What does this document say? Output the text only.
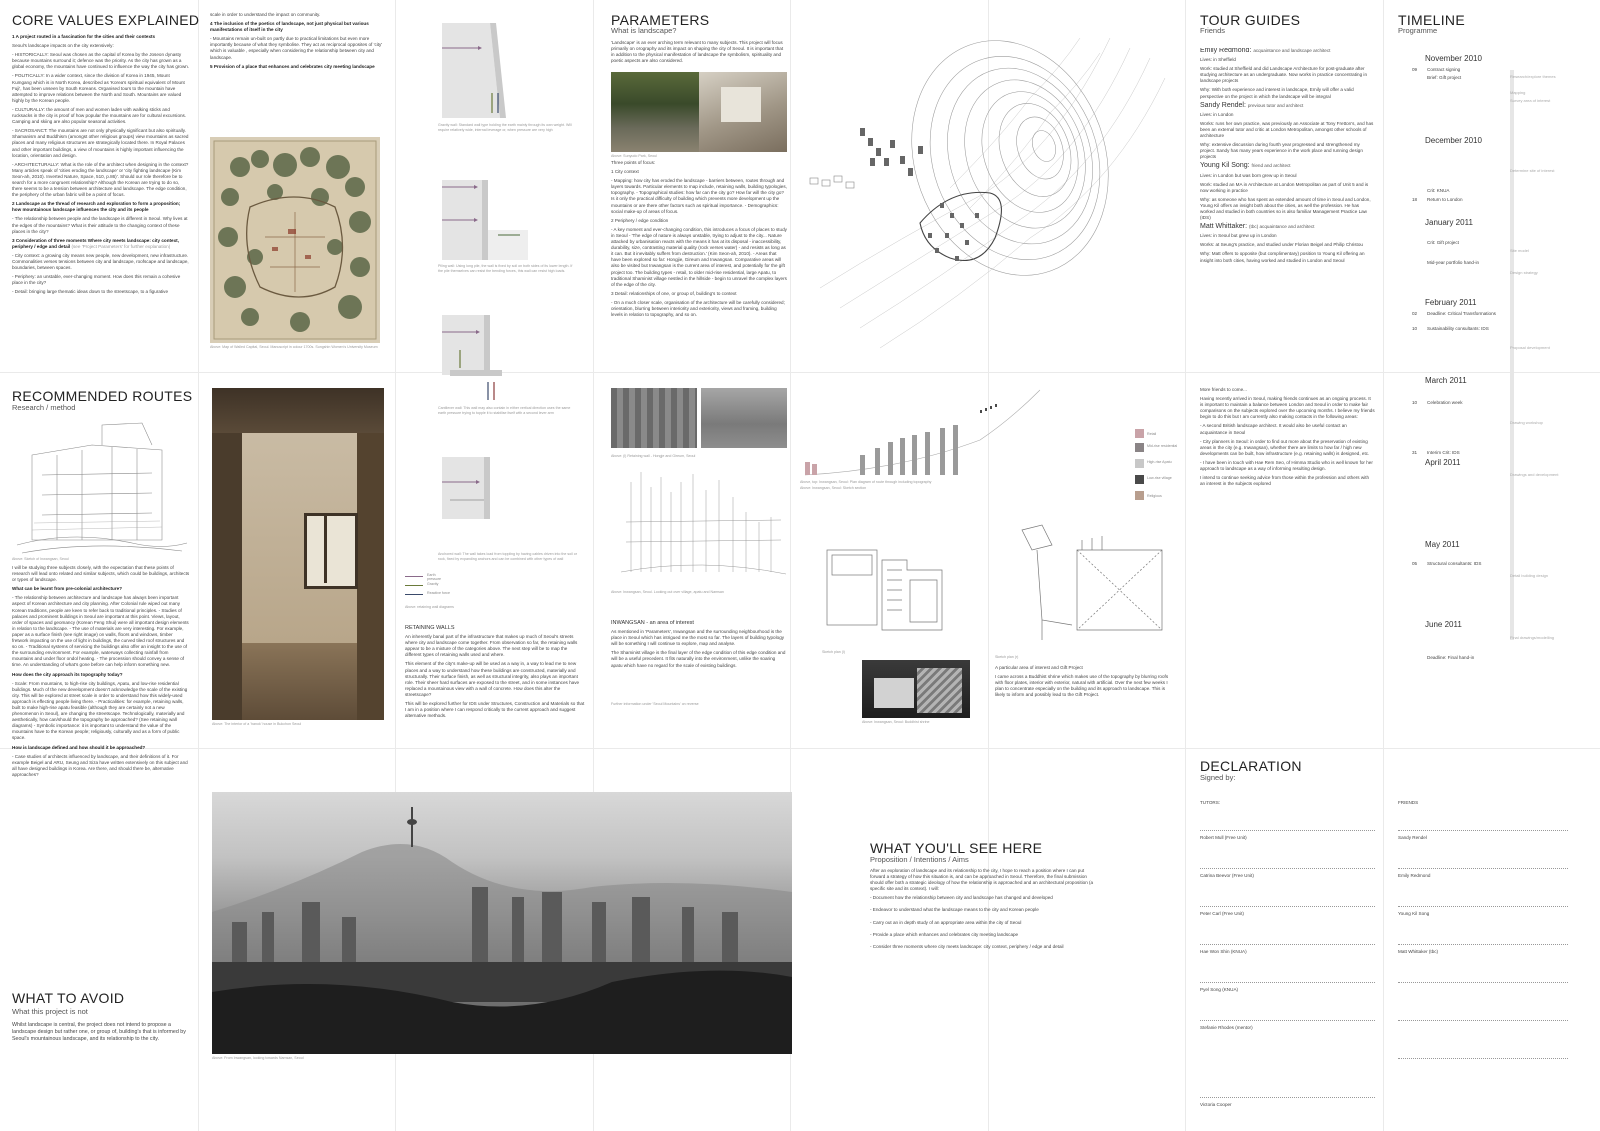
CORE VALUES EXPLAINED

1 A project routed in a fascination for the cities and their contexts

Seoul's landscape impacts on the city extensively:

- HISTORICALLY: Seoul was chosen as the capital of Korea by the Joseon dynasty because mountains surround it; defence was the priority. As the city has grown as a global economy, the mountains have continued to influence the way the city has grown.

- POLITICALLY: In a wider context, since the division of Korea in 1945, Mount Kumgang which is in North Korea, described as 'Korea's spiritual equivalent of Mount Fuji', has been unseen by South Koreans. Organised tours to the mountain have attempted to improve relations between the North and South. Mountains are valued highly by the Korean people.

- CULTURALLY: the amount of men and women laden with walking sticks and rucksacks in the city is proof of how popular the mountains are for cultural excursions. Camping and skiing are also popular seasonal activities.

- SACROSANCT: The mountains are not only physically significant but also spiritually. Shamanism and Buddhism (amongst other religious groups) view mountains as sacred places and many religious structures are strategically located there. In Royal Palaces and other important buildings, a view of mountains is highly important influencing the location, orientation and design.

- ARCHITECTURALLY: What is the role of the architect when designing in the context? Many articles speak of 'cities eroding the landscape' or 'city fighting landscape (Kim Seon-ah, 2010). Inverted Nature, Space, 510, p.86)'. Should our role therefore be to search for a more congruent relationship? Although the Korean are trying to do so, there seems to be a tension between architecture and landscape. The edge condition, the periphery of the urban fabric will be a point of focus.

2 Landscape as the thread of research and exploration to form a proposition; how mountainous landscape influences the city and its people

- The relationship between people and the landscape is different in Seoul. Why lives at the edges of the mountains? What is their attitude to the changing context of these places in the city?

3 Consideration of three moments Where city meets landscape: city context, periphery / edge and detail (see 'Project Parameters' for further explanation)

- City context: a growing city means new people, new development, new infrastructure. Commonalities verses tensions between city and landscape, roofscape and landscape, boundaries, between spaces.

- Periphery: an unstable, ever-changing moment. How does this remain a cohesive place in the city?

- Detail: bringing large thematic ideas down to the streetscape, to a figurative

scale in order to understand the impact on community.

4 The inclusion of the poetics of landscape, not just physical but various manifestations of itself in the city

- Mountains remain un-built on partly due to practical limitations but even more importantly because of what they symbolise. They act as reciprocal opposites of 'city' which is valuable , especially when considering the relationship between city and landscape.

5 Provision of a place that enhances and celebrates city meeting landscape

Above: Map of Walled Capital, Seoul. Manuscript in colour 1700s. Sungshin Women's University Museum
Gravity wall: Standard wall type holding the earth mainly through its own weight. Will require relatively wide, internal leverage or, when pressure are very high
Piling wall: Using long pile, the wall is fixed by soil on both sides of its lower length. If the pile themselves can resist the bending forces, this wall can resist high loads.
Cantilever wall: This wall may also contain in either vertical direction uses the same earth pressure trying to topple it to stabilise itself with a second lever arm
Anchored wall: The wall takes load from toppling by having cables driven into the soil or rock, fixed by expanding anchors and can be combined with other types of wall
Earth pressure
Gravity
Reactive force
Above: retaining wall diagrams
PARAMETERS
What is landscape?
'Landscape' is an ever arching term relevant to many subjects. This project will focus primarily on orography and its impact on shaping the city of Seoul. It is important that in addition to the physical manifestation of landscape the symbolism, spirituality and poetic aspects are also considered.
Above: Sunyudo Park, Seoul

Three points of focus:

1 City context

- Mapping: how city has eroded the landscape - barriers between, routes through and layers towards. Particular elements to map include, retaining walls, building typologies, topography. - Topographical studies: how far can the city go? How far will the city go? Is it only the practical difficulty of building which prevents more development up the mountains or are there other factors such as spiritual importance. - Demographics: social make-up of areas of focus.

2 Periphery / edge condition

- A key moment and ever-changing condition, this introduces a focus of places to study in Seoul - 'The edge of nature is always unstable, trying to adjust to the city... Nature attacked by urbanisation reacts with the means it has at its disposal - inaccessibility, durability, size, contrasting material quality (rock verses water) - and resists as long as it can. But it inevitably suffers from destruction.' (Kim Seon-ah, 2010). - Areas that have been explored so far: Hongjie, Gireum and Inwangsan. Comparative areas will also be visited but Inwangsan is the current area of interest, and potentially for the gift project too. The building types - retail, to older mid-rise residential, large Apatu, to traditional Shaminist village nestled in the hillside - begin to unravel the complex layers of the edge of the city.

3 Detail: relationships of one, or group of, building's to context

- On a much closer scale, organisation of the architecture will be carefully considered; orientation, blurring between interiority and exteriority, views and framing, building levels in relation to topography, and so on.

TOUR GUIDES
Friends

Emily Redmond: acquaintance and landscape architect

Lives: in Sheffield

Work: studied at Sheffield and did Landscape Architecture for post-graduate after studying architecture as an undergraduate. Now works in practice concentrating in landscape projects

Why: With both experience and interest in landscape, Emily will offer a valid perspective on the project in which the landscape will be integral

Sandy Rendel: previous tutor and architect

Lives: in London

Works: runs her own practice, was previously an Associate at Tony Fretton's, and has been an external tutor and critic at London Metropolitan, amongst other schools of architecture

Why: extensive discussion during fourth year progressed and strengthened my project. Sandy has many years experience in the work place and running design projects

Young Kil Song: friend and architect

Lives: in London but was born grew up in Seoul

Work: studied an MA in Architecture at London Metropolitan as part of Unit 5 and is now working in practice

Why: as someone who has spent an extended amount of time in Seoul and London, Young Kil offers an insight both about the cities, as well the profession. He has worked and studied in both countries so is also familiar Management Practice Law (IDS)

Matt Whittaker: (tbc) acquaintance and architect

Lives: in Seoul but grew up in London

Works: at Seung's practice, and studied under Florian Beigel and Philip Christou

Why: Matt offers to opposite (but complimentary) position to Young Kil offering an insight into both cities, having worked and studied in London and Seoul

More friends to come...

Having recently arrived in Seoul, making friends continues as an ongoing process. It is important to maintain a balance between London and Seoul in order to make fair comparisons on the subjects explored over the upcoming months. I believe my friends begin to do this but I am currently also making contacts in the following areas:

- A second British landscape architect. It would also be useful contact an acquaintance in Seoul

- City planners in Seoul: in order to find out more about the preservation of existing areas in the city (e.g. Inwangsan), whether there are limits to how far / high new developments can be built, how infrastructure (e.g. retaining walls) is designed, etc.

- I have been in touch with Hae Rem Seo, of Himma Studio who is well known for her approach to landscape as a way of informing resulting design.

I intend to continue seeking advice from those within the profession and others with an interest in the subjects explored

TIMELINE
Programme
November 2010
09 Contract signing
Brief: Gift project	Research/explore themes
Mapping
Survey area of interest
December 2010
Determine site of interest
Crit: KNUA
18 Return to London
January 2011
Crit: Gift project
Site model
Mid-year portfolio hand-in
Design strategy
February 2011
02 Deadline: Critical Transformations
10 Sustainability consultants: IDS
Proposal development
March 2011
10 Celebration week
Drawing workshop
31 Interim Crit: IDS
April 2011
Drawings and development
May 2011
05 Structural consultants: IDS
Detail building design
June 2011
Final drawings/modelling
Deadline: Final hand-in
RECOMMENDED ROUTES
Research / method
Above: Sketch of Inwangsan, Seoul

I will be studying three subjects closely, with the expectation that these points of research will lead onto related and similar subjects, which could be buildings, architects or types of landscape.

What can be learnt from pre-colonial architecture?

- The relationship between architecture and landscape has always been important aspect of Korean architecture and city planning. After Colonial rule wiped out many Korean traditions, people are keen to refer back to traditional principles. - Studies of palaces and prominent buildings in Seoul are important at this point. Views, layout, order of spaces and geomancy (Korean Feng Shui) were all important design elements in relation to the landscape. - The use of materials are very interesting. For example, paper as a surface finish (see right image) on walls, floors and windows, timber fretwork impacting on the use of light in buildings, the curved tiled roof structures and so on. - Traditional systems of servicing the buildings also offer an insight to the use of the surrounding environment. For example, waterways collecting rainfall from mountains and under floor ondol heating. - The procession should convey a sense of time. An understanding of what's gone before can help inform something new.

How does the city approach its topography today?

- Scale: From mountains, to high-rise city buildings, Apatu, and low-rise residential buildings. Much of the new development doesn't acknowledge the scale of the existing city. This will be explored at street scale in order to understand how this widely-used approach is effecting people living there. - Practicalities: for example, retaining walls, built to make high-rise apatu feasible (although they are certainly not a new phenomenon in Seoul), are changing the streetscape. Technologically, materially and aesthetically, how can/should the topography be approached? (See retaining wall diagrams) - Symbolic importance: it is important to understand the value of the mountains have to the Korean people; religiously, culturally and as a form of public space.

How is landscape defined and how should it be approached?

- Case studies of architects influenced by landscape, and their definitions of it. For example Beigel and ARU, Seung and Siza have written extensively on this subject and all have designed buildings in Korea. Are there, and should there be, alternative approaches?

Above: The interior of a 'hanok' house in Bukchon Seoul

RETAINING WALLS

An inherently banal part of the infrastructure that makes up much of Seoul's streets where city and landscape come together. From observation so far, the retaining walls appear to be a mixture of the categories above. The next step will be to map the different types of retaining walls used and where.

This element of the city's make-up will be used as a way in, a way to lead me to new places and a way to understand how these buildings are constructed, materially and structurally. Their surface finish, as well as structural integrity, also plays an important role. Their sheer hard surfaces are exposed to the street, and in some instances have replaced a mountainous view with a wall of concrete. How does this alter the streetscape?

This will be explored further for IDS under Structures, Construction and Materials so that I am in a position where I can respond critically to the current approach and suggest alternative methods.

Above: (l) Retaining wall - Hongje and Gireum, Seoul
Above: Inwangsan, Seoul. Looking out over village, apatu and Namsan

INWANGSAN - an area of interest

As mentioned in 'Parameters', Inwangsan and the surrounding neighbourhood is the place in Seoul which has intrigued me the most so far. The layers of building typology will be something I will continue to explore, map and analyse.

The Shaminist village is the final layer of the edge condition of this edge condition and will be a useful precedent. It fits naturally into the environment, unlike the soaring apatu which have no regard for the scale of existing buildings.

Further information under 'Seoul Mountains' on reverse
Above, top: Inwangsan, Seoul: Plan diagram of route through including topography
Above: Inwangsan, Seoul: Sketch section
Retail
Mid-rise residential
High-rise Apatu
Low-rise village
Religious
Sketch plan (l)
Sketch plan (r)
Above: Inwangsan, Seoul: Buddhist shrine

A particular area of interest and Gift Project

I came across a Buddhist shrine which makes use of the topography by blurring roofs with floor plates, interior with exterior, natural with artificial. Over the next few weeks I plan to concentrate especially on the building and its approach to landscape. This is likely to inform and possibly lead to the Gift Project.

WHAT TO AVOID
What this project is not
Whilst landscape is central, the project does not intend to propose a landscape design but rather one, or group of, building's that is informed by Seoul's mountainous landscape, and its relationship to the city.
Above: From Inwangsan, looking towards Namsan, Seoul
WHAT YOU'LL SEE HERE
Proposition / Intentions / Aims

After an exploration of landscape and its relationship to the city, I hope to reach a position where I can put forward a strategy of how this situation is, and can be approached in Seoul. Therefore, the final submission should offer both a strategic ideology of how the relationship is approached and an architectural proposition (a specific site and its context). I will:

- Document how the relationship between city and landscape has changed and developed

- Endeavor to understand what the landscape means to the city and Korean people

- Carry out an in depth study of an appropriate area within the city of Seoul

- Provide a place which enhances and celebrates city meeting landscape

- Consider three moments where city meets landscape: city context, periphery / edge and detail

DECLARATION
Signed by:
TUTORS:	FRIENDS
Robert Mull (Free Unit)
Catrina Beevor (Free Unit)
Peter Carl (Free Unit)
Hae Won Shin (KNUA)
Pyel Song (KNUA)
Stefanie Rhodes (mentor)
Victoria Cooper
Sandy Rendel
Emily Redmond
Young Kil Song
Matt Whittaker (tbc)
